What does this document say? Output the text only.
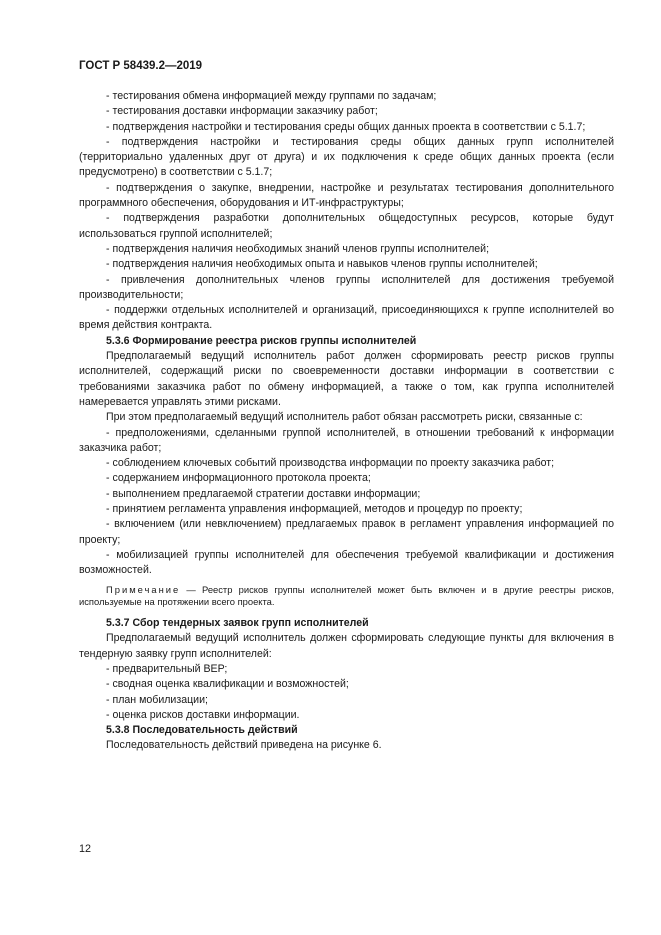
ГОСТ Р 58439.2—2019

- тестирования обмена информацией между группами по задачам;

- тестирования доставки информации заказчику работ;

- подтверждения настройки и тестирования среды общих данных проекта в соответствии с 5.1.7;

- подтверждения настройки и тестирования среды общих данных групп исполнителей (территориально удаленных друг от друга) и их подключения к среде общих данных проекта (если предусмотрено) в соответствии с 5.1.7;

- подтверждения о закупке, внедрении, настройке и результатах тестирования дополнительного программного обеспечения, оборудования и ИТ-инфраструктуры;

- подтверждения разработки дополнительных общедоступных ресурсов, которые будут использоваться группой исполнителей;

- подтверждения наличия необходимых знаний членов группы исполнителей;

- подтверждения наличия необходимых опыта и навыков членов группы исполнителей;

- привлечения дополнительных членов группы исполнителей для достижения требуемой производительности;

- поддержки отдельных исполнителей и организаций, присоединяющихся к группе исполнителей во время действия контракта.

5.3.6 Формирование реестра рисков группы исполнителей

Предполагаемый ведущий исполнитель работ должен сформировать реестр рисков группы исполнителей, содержащий риски по своевременности доставки информации в соответствии с требованиями заказчика работ по обмену информацией, а также о том, как группа исполнителей намеревается управлять этими рисками.

При этом предполагаемый ведущий исполнитель работ обязан рассмотреть риски, связанные с:

- предположениями, сделанными группой исполнителей, в отношении требований к информации заказчика работ;

- соблюдением ключевых событий производства информации по проекту заказчика работ;

- содержанием информационного протокола проекта;

- выполнением предлагаемой стратегии доставки информации;

- принятием регламента управления информацией, методов и процедур по проекту;

- включением (или невключением) предлагаемых правок в регламент управления информацией по проекту;

- мобилизацией группы исполнителей для обеспечения требуемой квалификации и достижения возможностей.

Примечание — Реестр рисков группы исполнителей может быть включен и в другие реестры рисков, используемые на протяжении всего проекта.

5.3.7 Сбор тендерных заявок групп исполнителей

Предполагаемый ведущий исполнитель должен сформировать следующие пункты для включения в тендерную заявку групп исполнителей:

- предварительный ВЕР;

- сводная оценка квалификации и возможностей;

- план мобилизации;

- оценка рисков доставки информации.

5.3.8 Последовательность действий

Последовательность действий приведена на рисунке 6.

12
